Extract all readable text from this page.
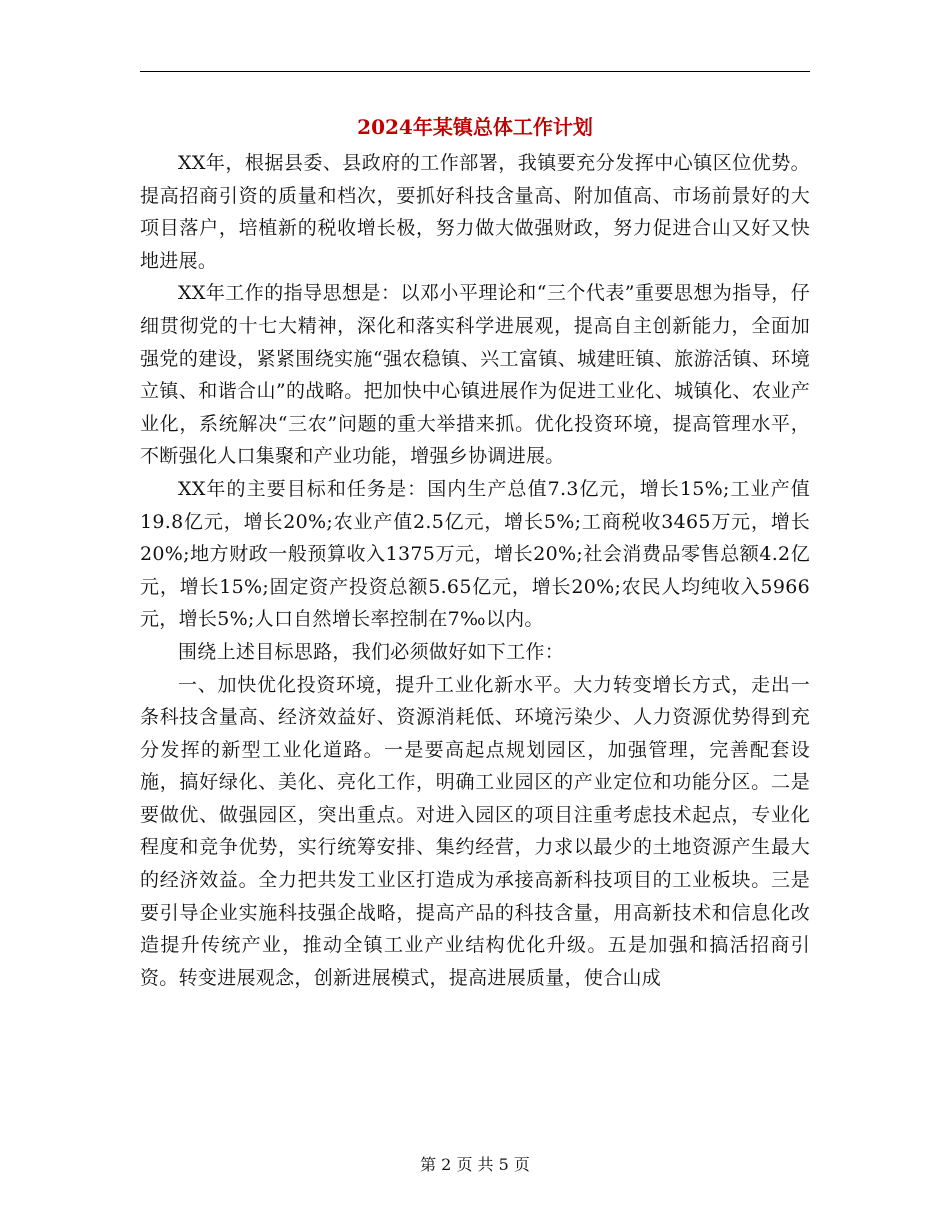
2024年某镇总体工作计划

XX年，根据县委、县政府的工作部署，我镇要充分发挥中心镇区位优势。提高招商引资的质量和档次，要抓好科技含量高、附加值高、市场前景好的大项目落户，培植新的税收增长极，努力做大做强财政，努力促进合山又好又快地进展。

XX年工作的指导思想是：以邓小平理论和“三个代表”重要思想为指导，仔细贯彻党的十七大精神，深化和落实科学进展观，提高自主创新能力，全面加强党的建设，紧紧围绕实施“强农稳镇、兴工富镇、城建旺镇、旅游活镇、环境立镇、和谐合山”的战略。把加快中心镇进展作为促进工业化、城镇化、农业产业化，系统解决“三农”问题的重大举措来抓。优化投资环境，提高管理水平，不断强化人口集聚和产业功能，增强乡协调进展。

XX年的主要目标和任务是：国内生产总值7.3亿元，增长15%;工业产值19.8亿元，增长20%;农业产值2.5亿元，增长5%;工商税收3465万元，增长20%;地方财政一般预算收入1375万元，增长20%;社会消费品零售总额4.2亿元，增长15%;固定资产投资总额5.65亿元，增长20%;农民人均纯收入5966元，增长5%;人口自然增长率控制在7‰以内。

围绕上述目标思路，我们必须做好如下工作：

一、加快优化投资环境，提升工业化新水平。大力转变增长方式，走出一条科技含量高、经济效益好、资源消耗低、环境污染少、人力资源优势得到充分发挥的新型工业化道路。一是要高起点规划园区，加强管理，完善配套设施，搞好绿化、美化、亮化工作，明确工业园区的产业定位和功能分区。二是要做优、做强园区，突出重点。对进入园区的项目注重考虑技术起点，专业化程度和竞争优势，实行统筹安排、集约经营，力求以最少的土地资源产生最大的经济效益。全力把共发工业区打造成为承接高新科技项目的工业板块。三是要引导企业实施科技强企战略，提高产品的科技含量，用高新技术和信息化改造提升传统产业，推动全镇工业产业结构优化升级。五是加强和搞活招商引资。转变进展观念，创新进展模式，提高进展质量，使合山成

第 2 页 共 5 页
